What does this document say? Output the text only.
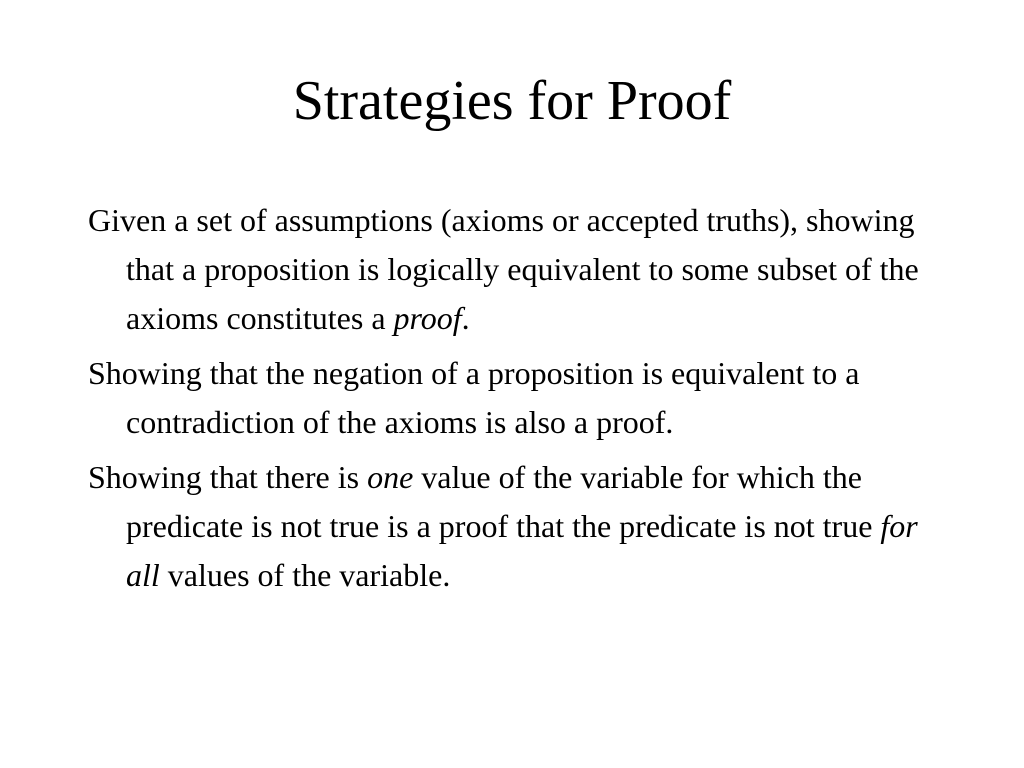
Strategies for Proof

Given a set of assumptions (axioms or accepted truths), showing that a proposition is logically equivalent to some subset of the axioms constitutes a proof.

Showing that the negation of a proposition is equivalent to a contradiction of the axioms is also a proof.

Showing that there is one value of the variable for which the predicate is not true is a proof that the predicate is not true for all values of the variable.
